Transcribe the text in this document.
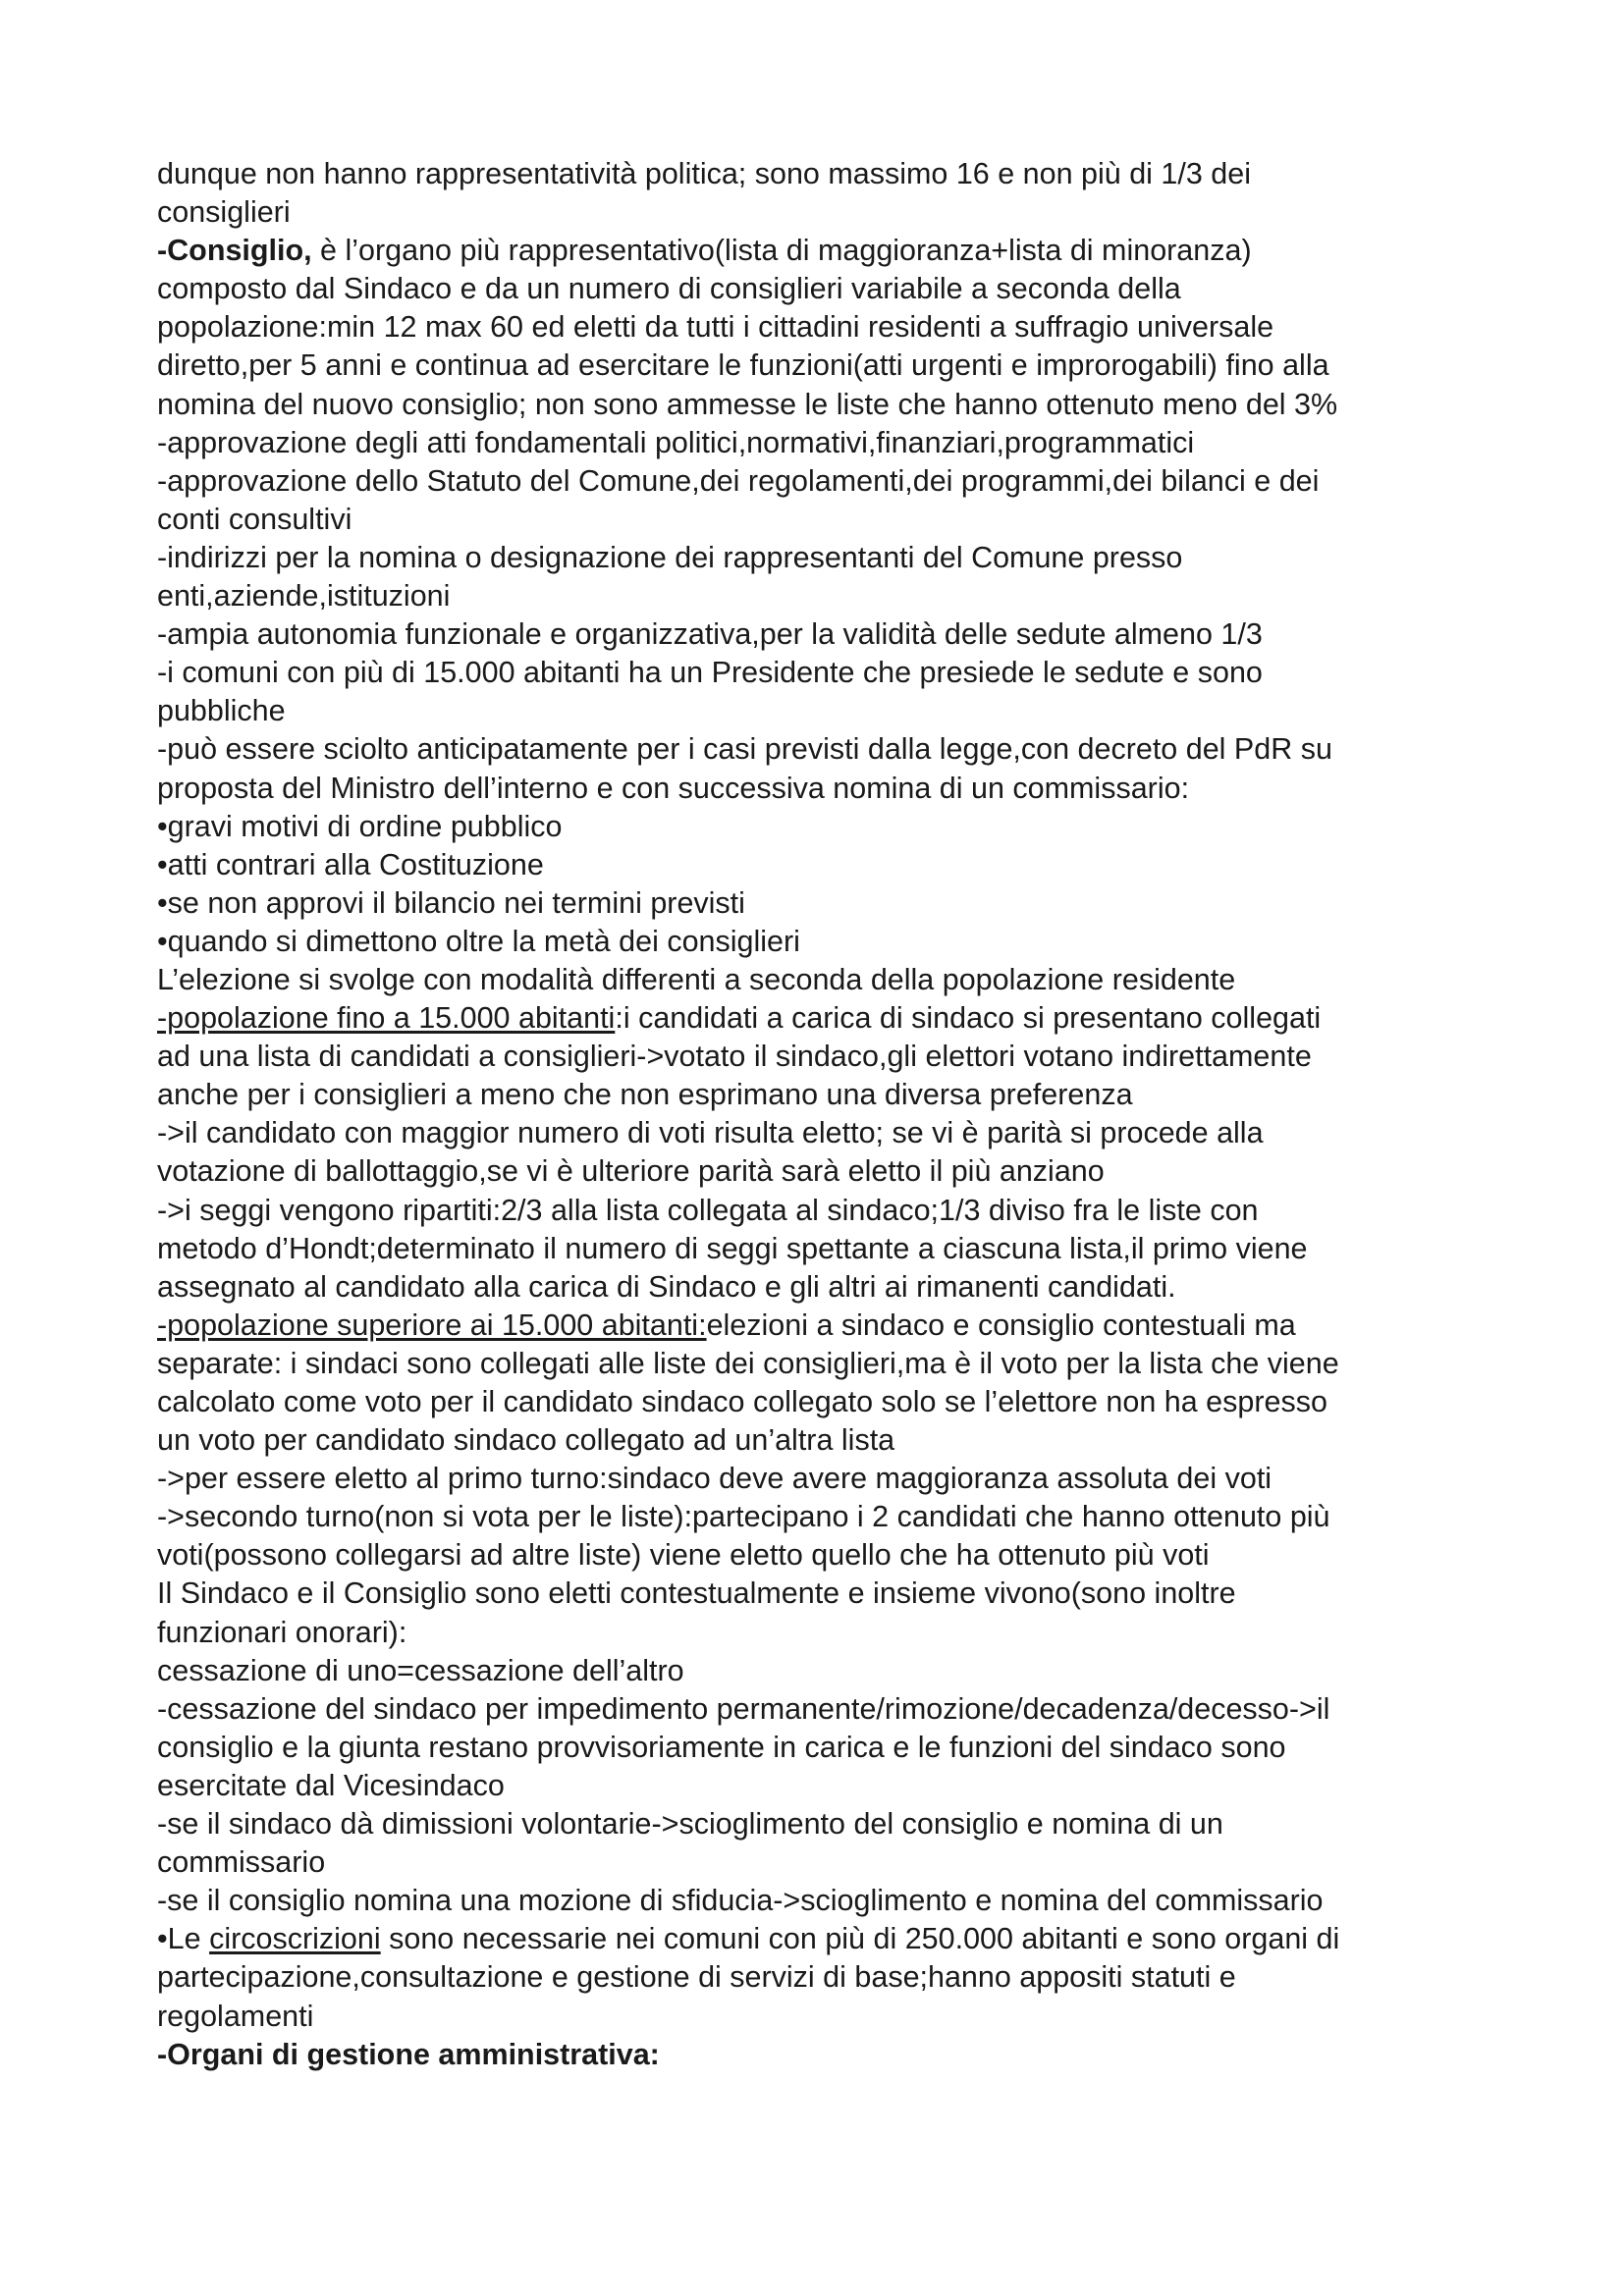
dunque non hanno rappresentatività politica; sono massimo 16 e non più di 1/3 dei
consiglieri
-Consiglio, è l’organo più rappresentativo(lista di maggioranza+lista di minoranza)
composto dal Sindaco e da un numero di consiglieri variabile a seconda della
popolazione:min 12 max 60 ed eletti da tutti i cittadini residenti a suffragio universale
diretto,per 5 anni e continua ad esercitare le funzioni(atti urgenti e improrogabili) fino alla
nomina del nuovo consiglio; non sono ammesse le liste che hanno ottenuto meno del 3%
-approvazione degli atti fondamentali politici,normativi,finanziari,programmatici
-approvazione dello Statuto del Comune,dei regolamenti,dei programmi,dei bilanci e dei
conti consultivi
-indirizzi per la nomina o designazione dei rappresentanti del Comune presso
enti,aziende,istituzioni
-ampia autonomia funzionale e organizzativa,per la validità delle sedute almeno 1/3
-i comuni con più di 15.000 abitanti ha un Presidente che presiede le sedute e sono
pubbliche
-può essere sciolto anticipatamente per i casi previsti dalla legge,con decreto del PdR su
proposta del Ministro dell’interno e con successiva nomina di un commissario:
•gravi motivi di ordine pubblico
•atti contrari alla Costituzione
•se non approvi il bilancio nei termini previsti
•quando si dimettono oltre la metà dei consiglieri
L’elezione si svolge con modalità differenti a seconda della popolazione residente
-popolazione fino a 15.000 abitanti:i candidati a carica di sindaco si presentano collegati
ad una lista di candidati a consiglieri->votato il sindaco,gli elettori votano indirettamente
anche per i consiglieri a meno che non esprimano una diversa preferenza
->il candidato con maggior numero di voti risulta eletto; se vi è parità si procede alla
votazione di ballottaggio,se vi è ulteriore parità sarà eletto il più anziano
->i seggi vengono ripartiti:2/3 alla lista collegata al sindaco;1/3 diviso fra le liste con
metodo d’Hondt;determinato il numero di seggi spettante a ciascuna lista,il primo viene
assegnato al candidato alla carica di Sindaco e gli altri ai rimanenti candidati.
-popolazione superiore ai 15.000 abitanti:elezioni a sindaco e consiglio contestuali ma
separate: i sindaci sono collegati alle liste dei consiglieri,ma è il voto per la lista che viene
calcolato come voto per il candidato sindaco collegato solo se l’elettore non ha espresso
un voto per candidato sindaco collegato ad un’altra lista
->per essere eletto al primo turno:sindaco deve avere maggioranza assoluta dei voti
->secondo turno(non si vota per le liste):partecipano i 2 candidati che hanno ottenuto più
voti(possono collegarsi ad altre liste) viene eletto quello che ha ottenuto più voti
Il Sindaco e il Consiglio sono eletti contestualmente e insieme vivono(sono inoltre
funzionari onorari):
cessazione di uno=cessazione dell’altro
-cessazione del sindaco per impedimento permanente/rimozione/decadenza/decesso->il
consiglio e la giunta restano provvisoriamente in carica e le funzioni del sindaco sono
esercitate dal Vicesindaco
-se il sindaco dà dimissioni volontarie->scioglimento del consiglio e nomina di un
commissario
-se il consiglio nomina una mozione di sfiducia->scioglimento e nomina del commissario
•Le circoscrizioni sono necessarie nei comuni con più di 250.000 abitanti e sono organi di
partecipazione,consultazione e gestione di servizi di base;hanno appositi statuti e
regolamenti
-Organi di gestione amministrativa:
